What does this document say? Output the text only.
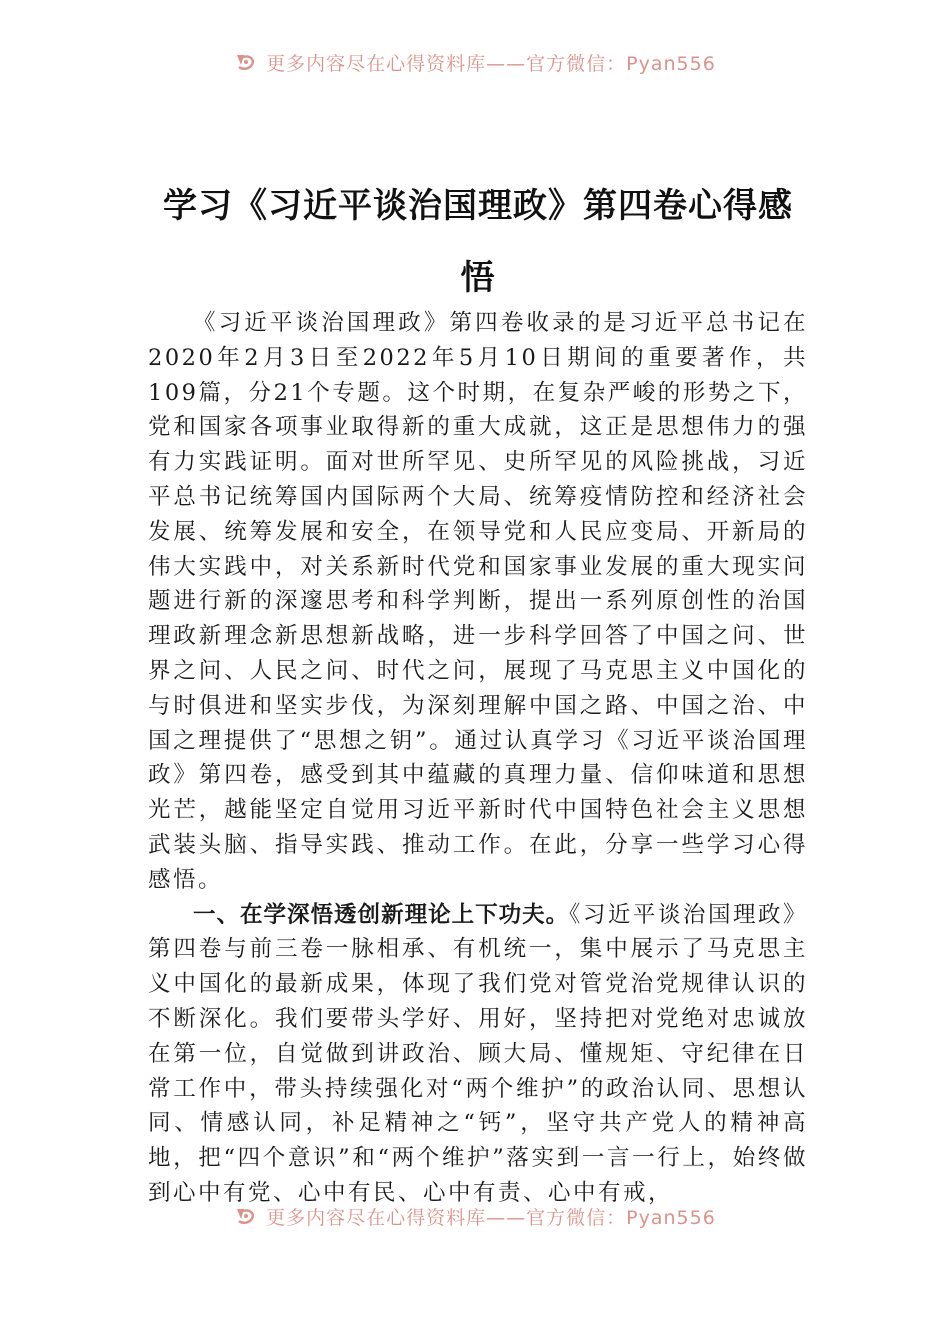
更多内容尽在心得资料库——官方微信：Pyan556
学习《习近平谈治国理政》第四卷心得感悟

《习近平谈治国理政》第四卷收录的是习近平总书记在2020年2月3日至2022年5月10日期间的重要著作，共109篇，分21个专题。这个时期，在复杂严峻的形势之下，党和国家各项事业取得新的重大成就，这正是思想伟力的强有力实践证明。面对世所罕见、史所罕见的风险挑战，习近平总书记统筹国内国际两个大局、统筹疫情防控和经济社会发展、统筹发展和安全，在领导党和人民应变局、开新局的伟大实践中，对关系新时代党和国家事业发展的重大现实问题进行新的深邃思考和科学判断，提出一系列原创性的治国理政新理念新思想新战略，进一步科学回答了中国之问、世界之问、人民之问、时代之问，展现了马克思主义中国化的与时俱进和坚实步伐，为深刻理解中国之路、中国之治、中国之理提供了“思想之钥”。通过认真学习《习近平谈治国理政》第四卷，感受到其中蕴藏的真理力量、信仰味道和思想光芒，越能坚定自觉用习近平新时代中国特色社会主义思想武装头脑、指导实践、推动工作。在此，分享一些学习心得感悟。

一、在学深悟透创新理论上下功夫。《习近平谈治国理政》第四卷与前三卷一脉相承、有机统一，集中展示了马克思主义中国化的最新成果，体现了我们党对管党治党规律认识的不断深化。我们要带头学好、用好，坚持把对党绝对忠诚放在第一位，自觉做到讲政治、顾大局、懂规矩、守纪律在日常工作中，带头持续强化对“两个维护”的政治认同、思想认同、情感认同，补足精神之“钙”，坚守共产党人的精神高地，把“四个意识”和“两个维护”落实到一言一行上，始终做到心中有党、心中有民、心中有责、心中有戒，

更多内容尽在心得资料库——官方微信：Pyan556
